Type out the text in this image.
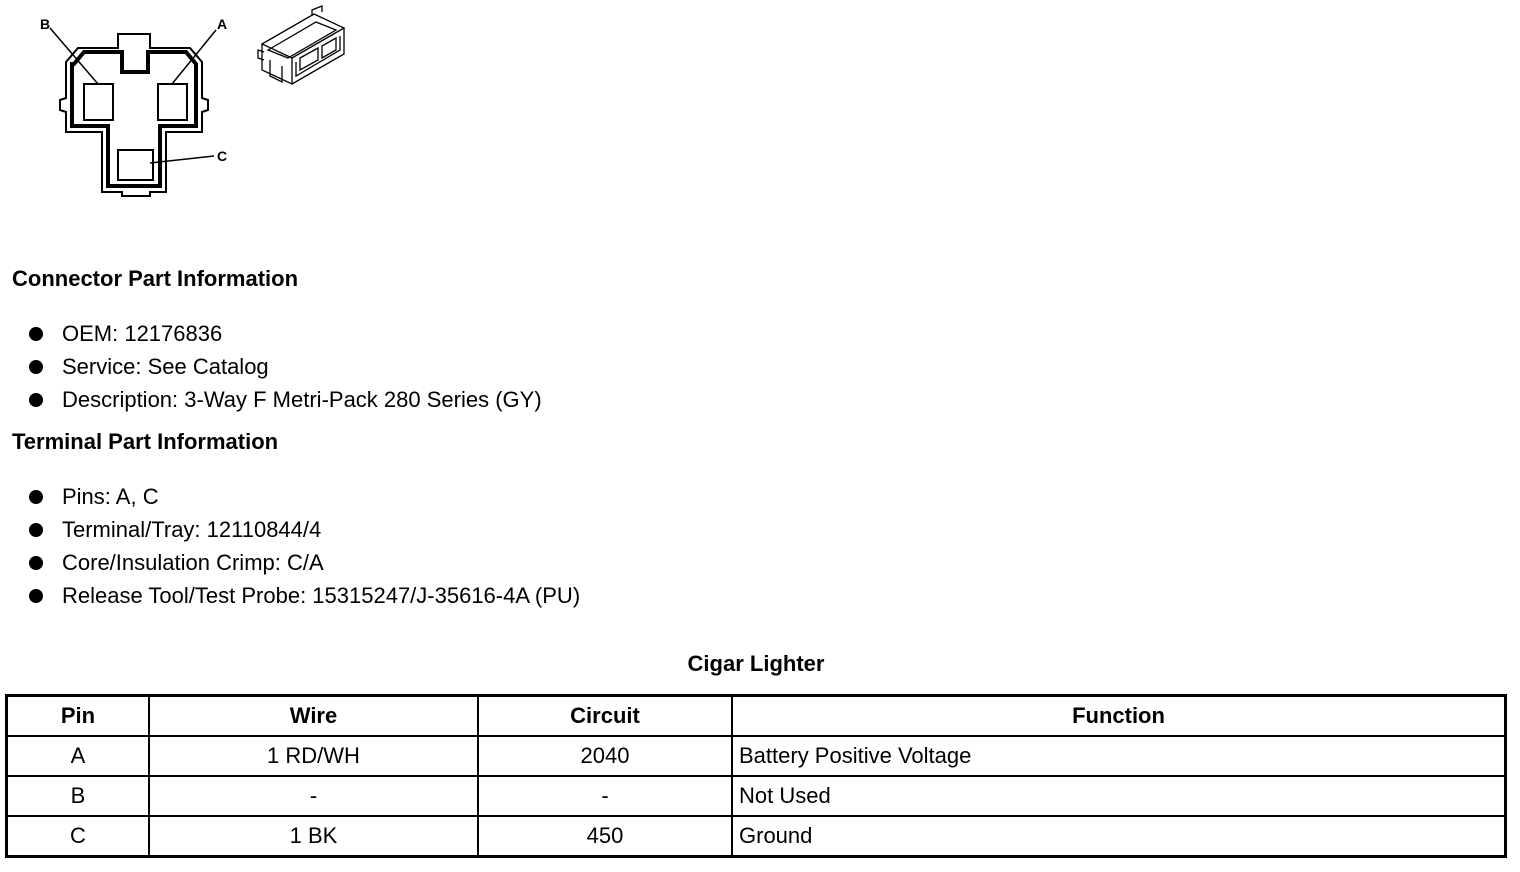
B	A
C
Connector Part Information
OEM: 12176836
Service: See Catalog
Description: 3-Way F Metri-Pack 280 Series (GY)
Terminal Part Information
Pins: A, C
Terminal/Tray: 12110844/4
Core/Insulation Crimp: C/A
Release Tool/Test Probe: 15315247/J-35616-4A (PU)
Cigar Lighter
Pin	Wire	Circuit	Function
A	1 RD/WH	2040	Battery Positive Voltage
B	-	-	Not Used
C	1 BK	450	Ground
